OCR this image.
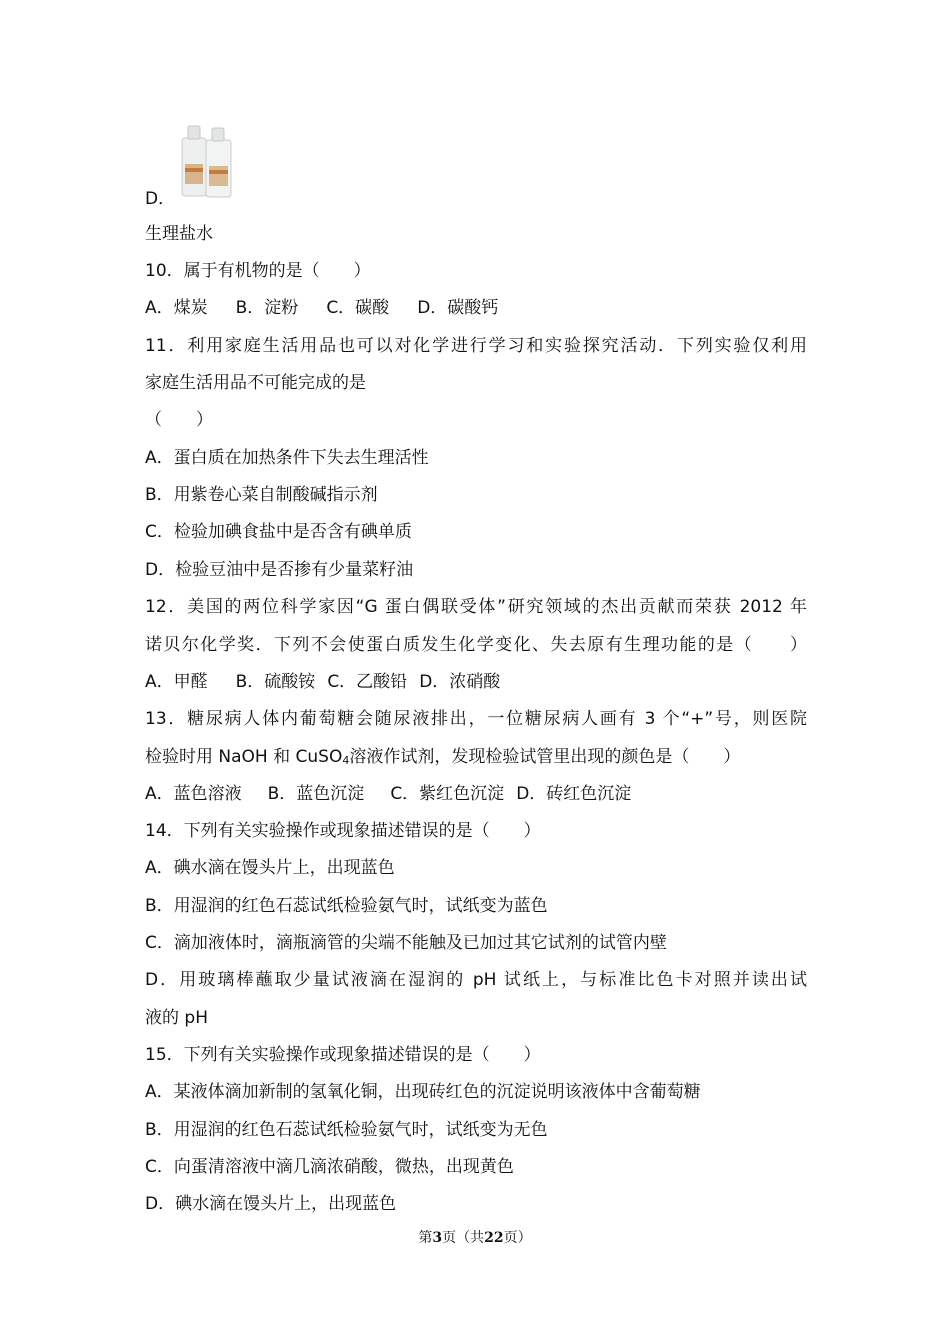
D．
生理盐水
10．属于有机物的是（　　）
A．煤炭 B．淀粉 C．碳酸 D．碳酸钙
11．利用家庭生活用品也可以对化学进行学习和实验探究活动．下列实验仅利用
家庭生活用品不可能完成的是
（　　）
A．蛋白质在加热条件下失去生理活性
B．用紫卷心菜自制酸碱指示剂
C．检验加碘食盐中是否含有碘单质
D．检验豆油中是否掺有少量菜籽油
12．美国的两位科学家因“G 蛋白偶联受体”研究领域的杰出贡献而荣获 2012 年
诺贝尔化学奖．下列不会使蛋白质发生化学变化、失去原有生理功能的是（　　）
A．甲醛 B．硫酸铵 C．乙酸铅 D．浓硝酸
13．糖尿病人体内葡萄糖会随尿液排出，一位糖尿病人画有 3 个“+”号，则医院
检验时用 NaOH 和 CuSO4溶液作试剂，发现检验试管里出现的颜色是（　　）
A．蓝色溶液 B．蓝色沉淀 C．紫红色沉淀 D．砖红色沉淀
14．下列有关实验操作或现象描述错误的是（　　）
A．碘水滴在馒头片上，出现蓝色
B．用湿润的红色石蕊试纸检验氨气时，试纸变为蓝色
C．滴加液体时，滴瓶滴管的尖端不能触及已加过其它试剂的试管内壁
D．用玻璃棒蘸取少量试液滴在湿润的 pH 试纸上，与标准比色卡对照并读出试
液的 pH
15．下列有关实验操作或现象描述错误的是（　　）
A．某液体滴加新制的氢氧化铜，出现砖红色的沉淀说明该液体中含葡萄糖
B．用湿润的红色石蕊试纸检验氨气时，试纸变为无色
C．向蛋清溶液中滴几滴浓硝酸，微热，出现黄色
D．碘水滴在馒头片上，出现蓝色
第3页（共22页）
